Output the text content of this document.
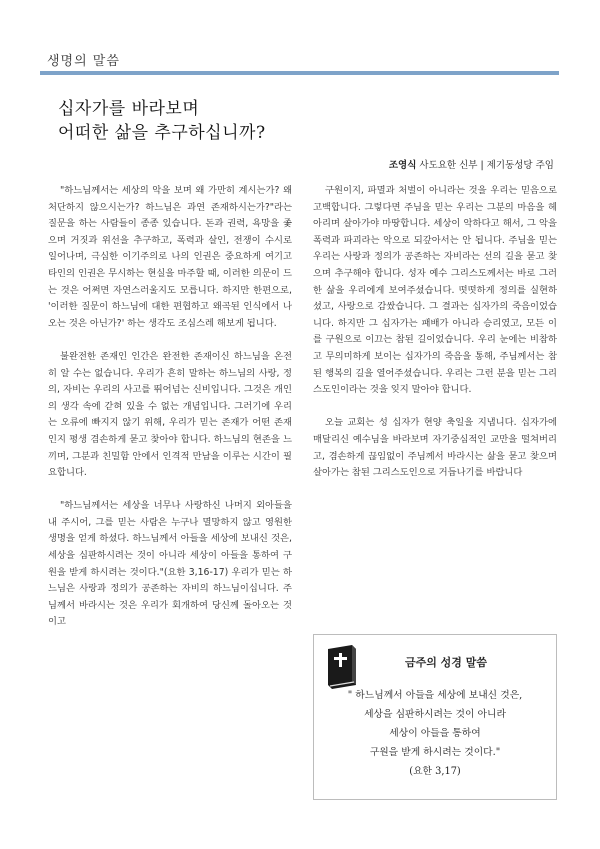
생명의 말씀
십자가를 바라보며
어떠한 삶을 추구하십니까?
조영식 사도요한 신부 | 제기동성당 주임

"하느님께서는 세상의 악을 보며 왜 가만히 계시는가? 왜 처단하지 않으시는가? 하느님은 과연 존재하시는가?"라는 질문을 하는 사람들이 종종 있습니다. 돈과 권력, 욕망을 좇으며 거짓과 위선을 추구하고, 폭력과 살인, 전쟁이 수시로 일어나며, 극심한 이기주의로 나의 인권은 중요하게 여기고 타인의 인권은 무시하는 현실을 마주할 때, 이러한 의문이 드는 것은 어쩌면 자연스러울지도 모릅니다. 하지만 한편으로, '이러한 질문이 하느님에 대한 편협하고 왜곡된 인식에서 나오는 것은 아닌가?' 하는 생각도 조심스레 해보게 됩니다.

불완전한 존재인 인간은 완전한 존재이신 하느님을 온전히 알 수는 없습니다. 우리가 흔히 말하는 하느님의 사랑, 정의, 자비는 우리의 사고를 뛰어넘는 신비입니다. 그것은 개인의 생각 속에 갇혀 있을 수 없는 개념입니다. 그러기에 우리는 오류에 빠지지 않기 위해, 우리가 믿는 존재가 어떤 존재인지 평생 겸손하게 묻고 찾아야 합니다. 하느님의 현존을 느끼며, 그분과 친밀함 안에서 인격적 만남을 이루는 시간이 필요합니다.

"하느님께서는 세상을 너무나 사랑하신 나머지 외아들을 내 주시어, 그를 믿는 사람은 누구나 멸망하지 않고 영원한 생명을 얻게 하셨다. 하느님께서 아들을 세상에 보내신 것은, 세상을 심판하시려는 것이 아니라 세상이 아들을 통하여 구원을 받게 하시려는 것이다."(요한 3,16-17) 우리가 믿는 하느님은 사랑과 정의가 공존하는 자비의 하느님이십니다. 주님께서 바라시는 것은 우리가 회개하여 당신께 돌아오는 것이고

구원이지, 파멸과 처벌이 아니라는 것을 우리는 믿음으로 고백합니다. 그렇다면 주님을 믿는 우리는 그분의 마음을 헤아리며 살아가야 마땅합니다. 세상이 악하다고 해서, 그 악을 폭력과 파괴라는 악으로 되갚아서는 안 됩니다. 주님을 믿는 우리는 사랑과 정의가 공존하는 자비라는 선의 길을 묻고 찾으며 추구해야 합니다. 성자 예수 그리스도께서는 바로 그러한 삶을 우리에게 보여주셨습니다. 떳떳하게 정의를 실현하셨고, 사랑으로 감쌌습니다. 그 결과는 십자가의 죽음이었습니다. 하지만 그 십자가는 패배가 아니라 승리였고, 모든 이를 구원으로 이끄는 참된 길이었습니다. 우리 눈에는 비참하고 무의미하게 보이는 십자가의 죽음을 통해, 주님께서는 참된 행복의 길을 열어주셨습니다. 우리는 그런 분을 믿는 그리스도인이라는 것을 잊지 말아야 합니다.

오늘 교회는 성 십자가 현양 축일을 지냅니다. 십자가에 매달리신 예수님을 바라보며 자기중심적인 교만을 떨쳐버리고, 겸손하게 끊임없이 주님께서 바라시는 삶을 묻고 찾으며 살아가는 참된 그리스도인으로 거듭나기를 바랍니다

금주의 성경 말씀
" 하느님께서 아들을 세상에 보내신 것은,
세상을 심판하시려는 것이 아니라
세상이 아들을 통하여
구원을 받게 하시려는 것이다."
(요한 3,17)
